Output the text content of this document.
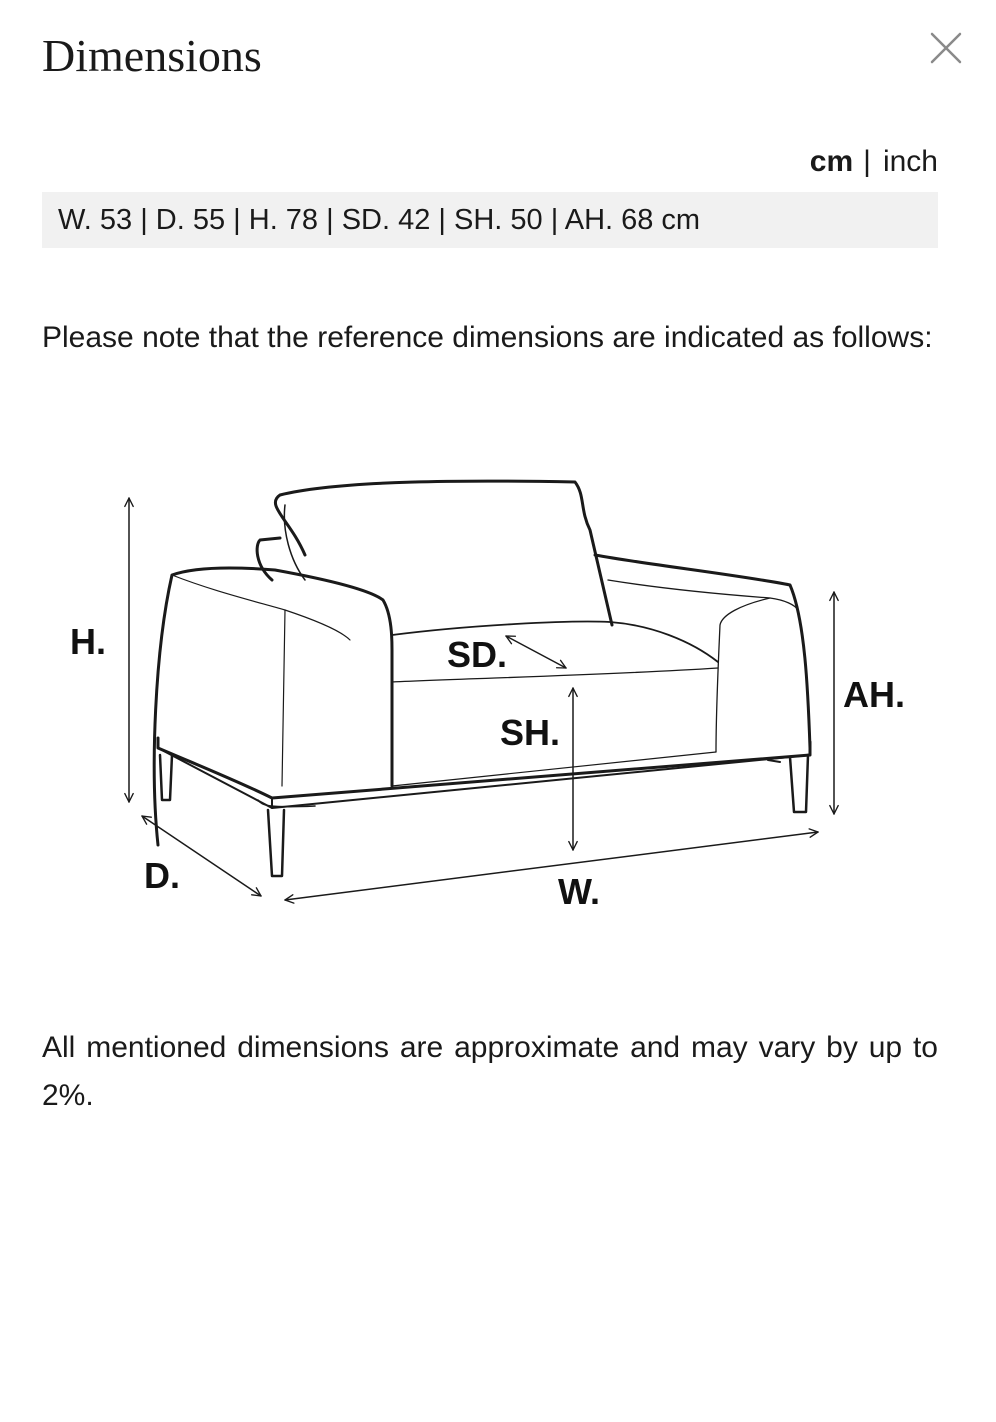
Dimensions
cm | inch
W. 53 | D. 55 | H. 78 | SD. 42 | SH. 50 | AH. 68 cm

Please note that the reference dimensions are indicated as follows:

H.	SD.
SH.
AH.
D.	W.

All mentioned dimensions are approximate and may vary by up to 2%.
